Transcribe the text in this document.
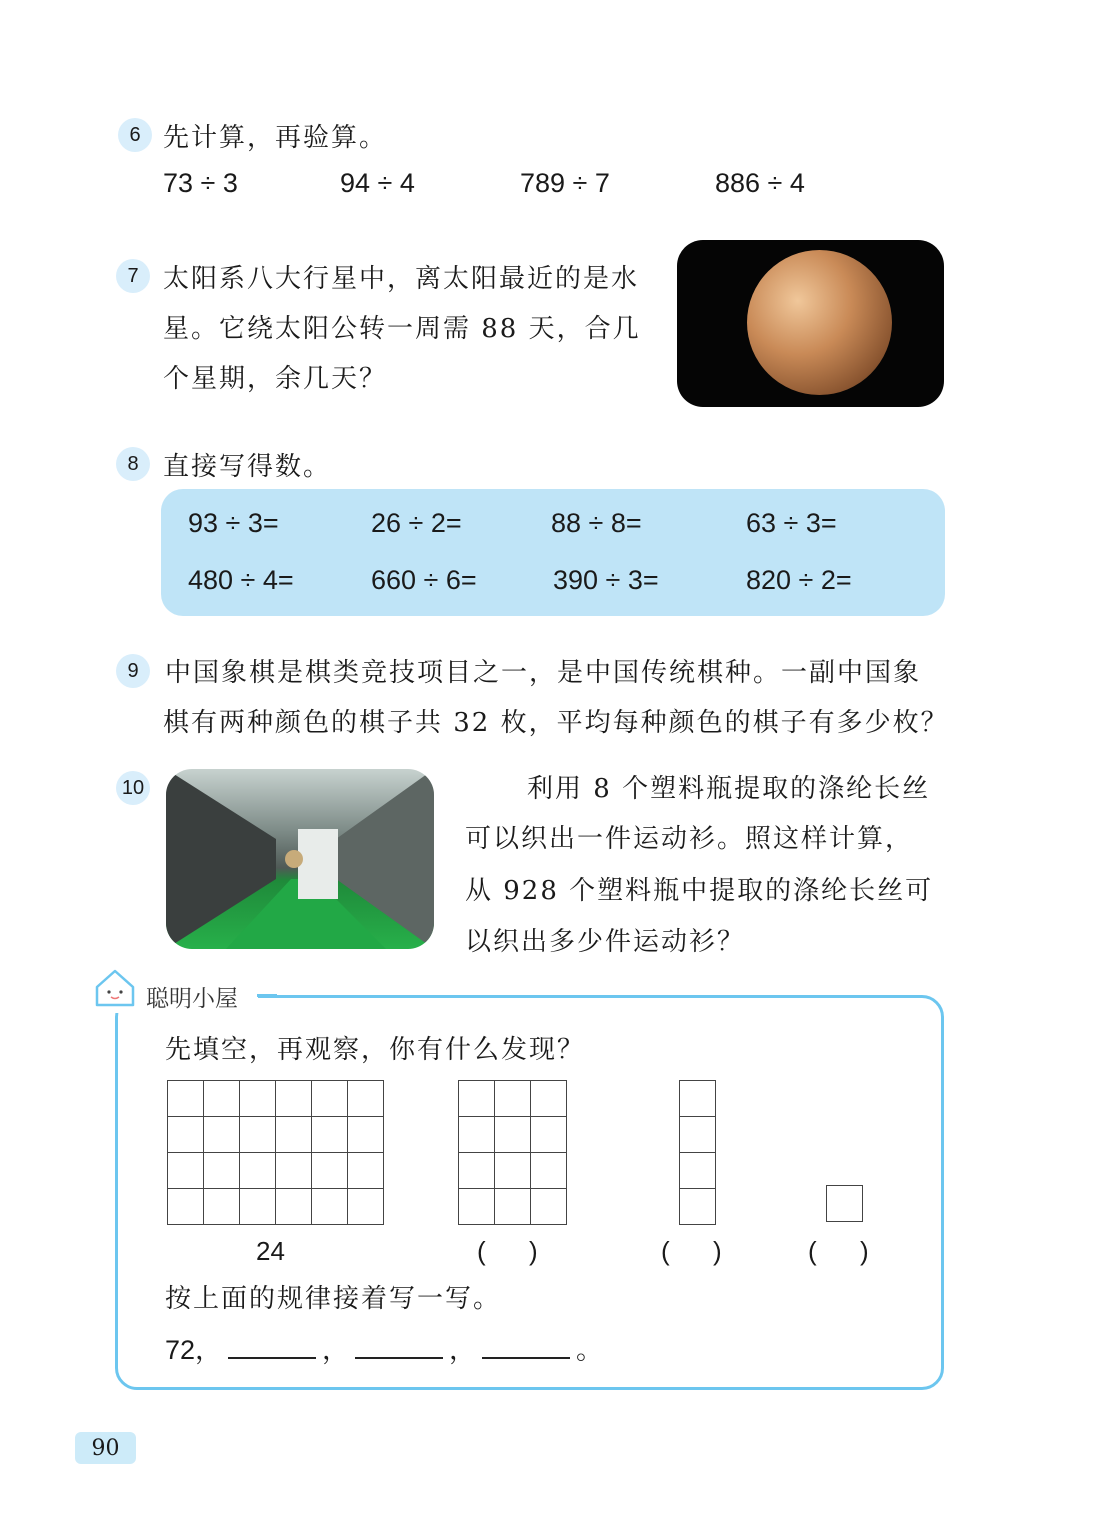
6 先计算，再验算。
73 ÷ 3	94 ÷ 4	789 ÷ 7	886 ÷ 4
7 太阳系八大行星中，离太阳最近的是水
星。它绕太阳公转一周需 88 天，合几
个星期，余几天？
8 直接写得数。
93 ÷ 3=	26 ÷ 2=	88 ÷ 8=	63 ÷ 3=
480 ÷ 4=	660 ÷ 6=	390 ÷ 3=	820 ÷ 2=
9	中国象棋是棋类竞技项目之一，是中国传统棋种。一副中国象
棋有两种颜色的棋子共 32 枚，平均每种颜色的棋子有多少枚？
10	利用 8 个塑料瓶提取的涤纶长丝
可以织出一件运动衫。照这样计算，
从 928 个塑料瓶中提取的涤纶长丝可
以织出多少件运动衫？
聪明小屋
先填空，再观察，你有什么发现？

24	(      )	(      )	(      )
按上面的规律接着写一写。
72，	，	，	。
90
